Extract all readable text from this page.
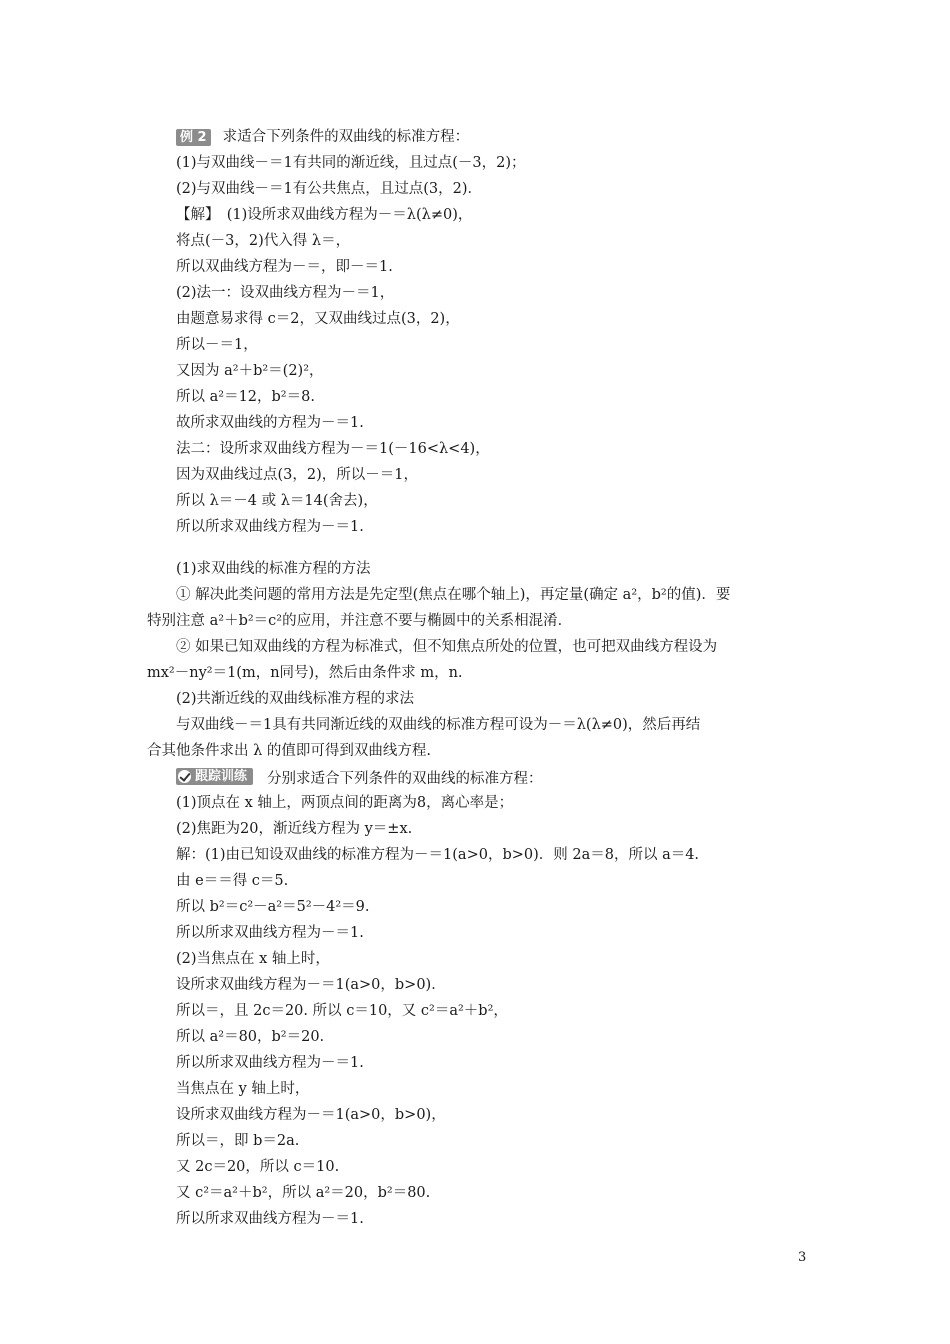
例 2 求适合下列条件的双曲线的标准方程：
(1)与双曲线－＝1有共同的渐近线，且过点(－3，2)；
(2)与双曲线－＝1有公共焦点，且过点(3，2)．
【解】　(1)设所求双曲线方程为－＝λ(λ≠0)，
将点(－3，2)代入得 λ＝，
所以双曲线方程为－＝，即－＝1.
(2)法一：设双曲线方程为－＝1，
由题意易求得 c＝2，又双曲线过点(3，2)，
所以－＝1，
又因为 a²＋b²＝(2)²，
所以 a²＝12，b²＝8.
故所求双曲线的方程为－＝1.
法二：设所求双曲线方程为－＝1(－16<λ<4)，
因为双曲线过点(3，2)，所以－＝1，
所以 λ＝－4 或 λ＝14(舍去)，
所以所求双曲线方程为－＝1.
(1)求双曲线的标准方程的方法
① 解决此类问题的常用方法是先定型(焦点在哪个轴上)，再定量(确定 a²，b²的值)．要
特别注意 a²＋b²＝c²的应用，并注意不要与椭圆中的关系相混淆．
② 如果已知双曲线的方程为标准式，但不知焦点所处的位置，也可把双曲线方程设为
mx²－ny²＝1(m，n同号)，然后由条件求 m，n.
(2)共渐近线的双曲线标准方程的求法
与双曲线－＝1具有共同渐近线的双曲线的标准方程可设为－＝λ(λ≠0)，然后再结
合其他条件求出 λ 的值即可得到双曲线方程.
跟踪训练 分别求适合下列条件的双曲线的标准方程：
(1)顶点在 x 轴上，两顶点间的距离为8，离心率是；
(2)焦距为20，渐近线方程为 y＝±x.
解：(1)由已知设双曲线的标准方程为－＝1(a>0，b>0)．则 2a＝8，所以 a＝4.
由 e＝＝得 c＝5.
所以 b²＝c²－a²＝5²－4²＝9.
所以所求双曲线方程为－＝1.
(2)当焦点在 x 轴上时，
设所求双曲线方程为－＝1(a>0，b>0)．
所以＝，且 2c＝20. 所以 c＝10，又 c²＝a²＋b²，
所以 a²＝80，b²＝20.
所以所求双曲线方程为－＝1.
当焦点在 y 轴上时，
设所求双曲线方程为－＝1(a>0，b>0)，
所以＝，即 b＝2a.
又 2c＝20，所以 c＝10.
又 c²＝a²＋b²，所以 a²＝20，b²＝80.
所以所求双曲线方程为－＝1.
3
